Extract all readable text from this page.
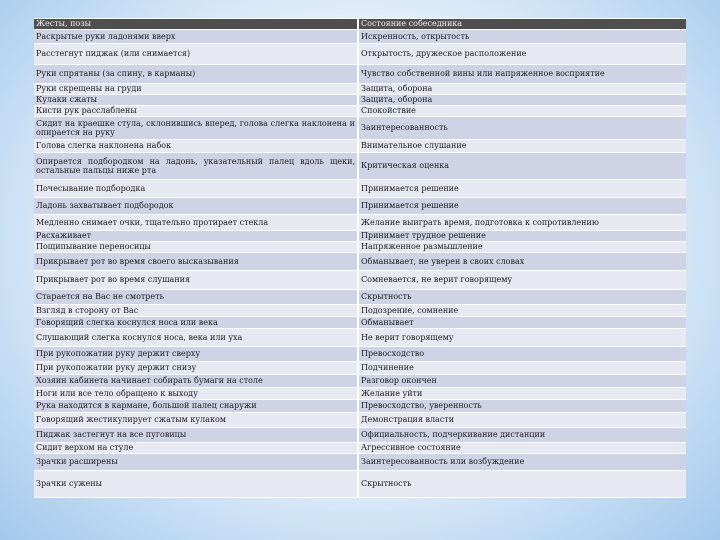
Жесты, позы	Состояние собеседника
Раскрытые руки ладонями вверх	Искренность, открытость
Расстегнут пиджак (или снимается)	Открытость, дружеское расположение
Руки спрятаны (за спину, в карманы)	Чувство собственной вины или напряженное восприятие
Руки скрещены на груди	Защита, оборона
Кулаки сжаты	Защита, оборона
Кисти рук расслаблены	Спокойствие
Сидит на краешке стула, склонившись вперед, голова слегка наклонена и опирается на руку	Заинтересованность
Голова слегка наклонена набок	Внимательное слушание
Опирается подбородком на ладонь, указательный палец вдоль щеки, остальные пальцы ниже рта	Критическая оценка
Почесывание подбородка	Принимается решение
Ладонь захватывает подбородок	Принимается решение
Медленно снимает очки, тщательно протирает стекла	Желание выиграть время, подготовка к сопротивлению
Расхаживает	Принимает трудное решение
Пощипывание переносицы	Напряженное размышление
Прикрывает рот во время своего высказывания	Обманывает, не уверен в своих словах
Прикрывает рот во время слушания	Сомневается, не верит говорящему
Старается на Вас не смотреть	Скрытность
Взгляд в сторону от Вас	Подозрение, сомнение
Говорящий слегка коснулся носа или века	Обманывает
Слушающий слегка коснулся носа, века или уха	Не верит говорящему
При рукопожатии руку держит сверху	Превосходство
При рукопожатии руку держит снизу	Подчинение
Хозяин кабинета начинает собирать бумаги на столе	Разговор окончен
Ноги или все тело обращено к выходу	Желание уйти
Рука находится в кармане, большой палец снаружи	Превосходство, уверенность
Говорящий жестикулирует сжатым кулаком	Демонстрация власти
Пиджак застегнут на все пуговицы	Официальность, подчеркивание дистанции
Сидит верхом на стуле	Агрессивное состояние
Зрачки расширены	Заинтересованность или возбуждение
Зрачки сужены	Скрытность
